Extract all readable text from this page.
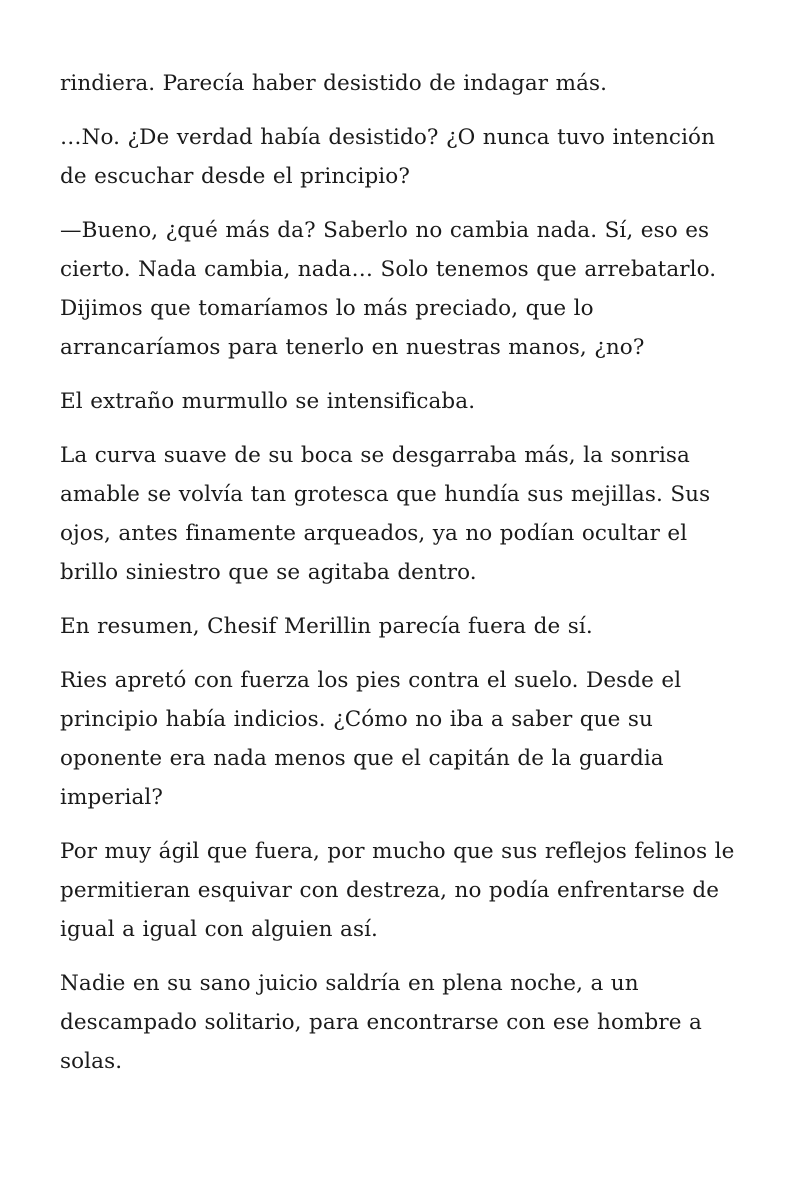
rindiera. Parecía haber desistido de indagar más.

…No. ¿De verdad había desistido? ¿O nunca tuvo intención de escuchar desde el principio?

—Bueno, ¿qué más da? Saberlo no cambia nada. Sí, eso es cierto. Nada cambia, nada… Solo tenemos que arrebatarlo. Dijimos que tomaríamos lo más preciado, que lo arrancaríamos para tenerlo en nuestras manos, ¿no?

El extraño murmullo se intensificaba.

La curva suave de su boca se desgarraba más, la sonrisa amable se volvía tan grotesca que hundía sus mejillas. Sus ojos, antes finamente arqueados, ya no podían ocultar el brillo siniestro que se agitaba dentro.

En resumen, Chesif Merillin parecía fuera de sí.

Ries apretó con fuerza los pies contra el suelo. Desde el principio había indicios. ¿Cómo no iba a saber que su oponente era nada menos que el capitán de la guardia imperial?

Por muy ágil que fuera, por mucho que sus reflejos felinos le permitieran esquivar con destreza, no podía enfrentarse de igual a igual con alguien así.

Nadie en su sano juicio saldría en plena noche, a un descampado solitario, para encontrarse con ese hombre a solas.
